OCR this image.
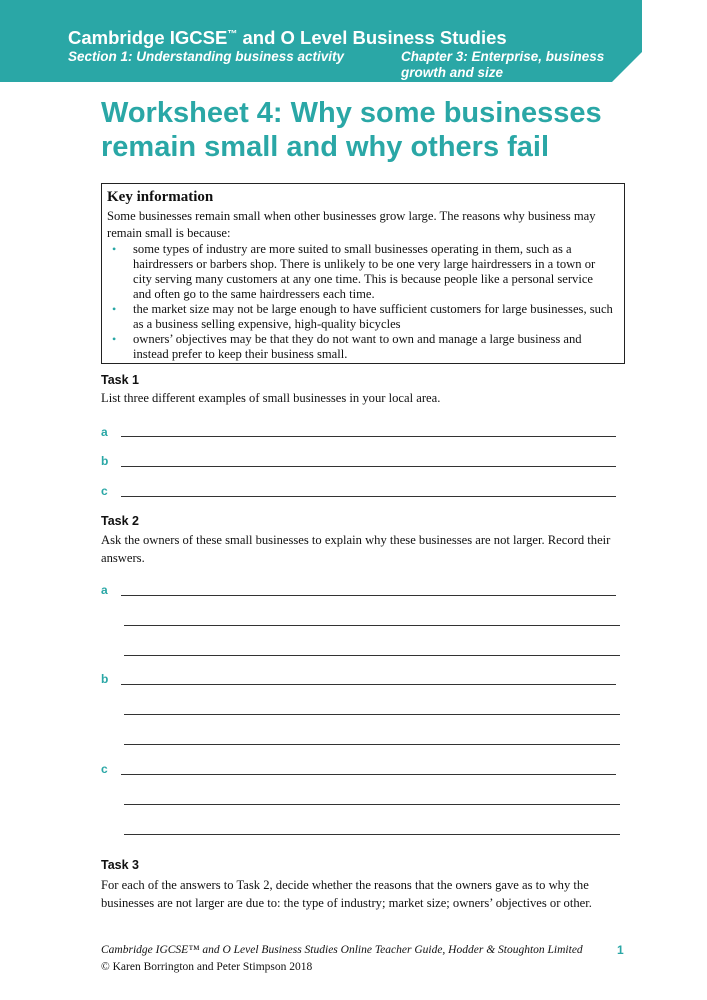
Cambridge IGCSE™ and O Level Business Studies
Section 1: Understanding business activity	Chapter 3: Enterprise, business growth and size
Worksheet 4: Why some businesses
remain small and why others fail
Key information
Some businesses remain small when other businesses grow large. The reasons why business may remain small is because:
• some types of industry are more suited to small businesses operating in them, such as a hairdressers or barbers shop. There is unlikely to be one very large hairdressers in a town or city serving many customers at any one time. This is because people like a personal service and often go to the same hairdressers each time.
• the market size may not be large enough to have sufficient customers for large businesses, such as a business selling expensive, high-quality bicycles
• owners’ objectives may be that they do not want to own and manage a large business and instead prefer to keep their business small.
Task 1
List three different examples of small businesses in your local area.
a
b
c
Task 2
Ask the owners of these small businesses to explain why these businesses are not larger. Record their answers.
a
b
c
Task 3
For each of the answers to Task 2, decide whether the reasons that the owners gave as to why the businesses are not larger are due to: the type of industry; market size; owners’ objectives or other.
Cambridge IGCSE™ and O Level Business Studies Online Teacher Guide, Hodder & Stoughton Limited
© Karen Borrington and Peter Stimpson 2018
1
